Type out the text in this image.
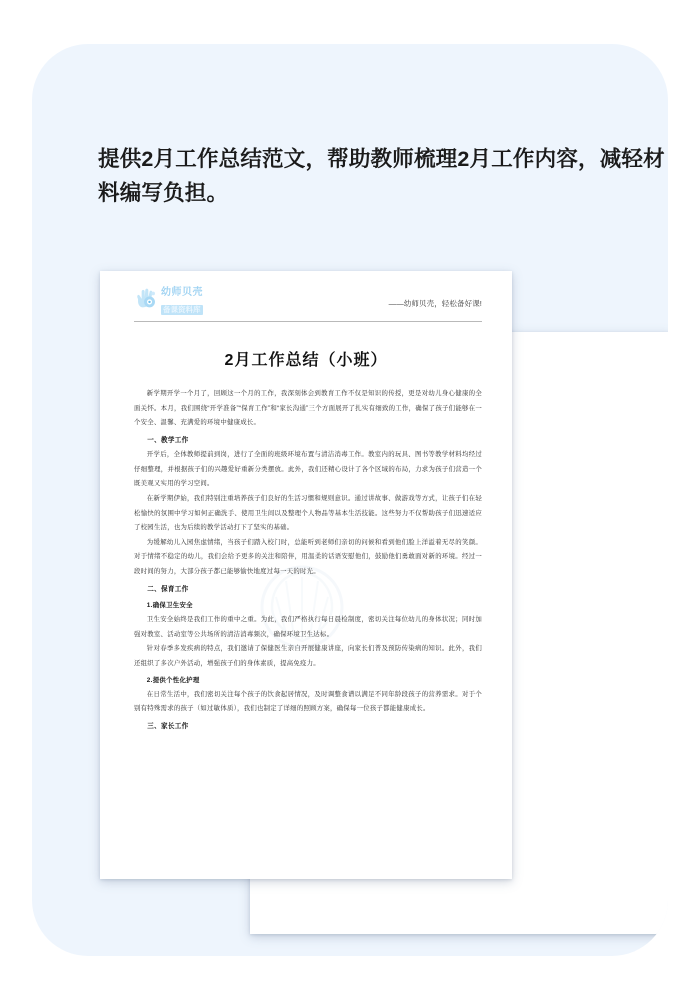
提供2月工作总结范文，帮助教师梳理2月工作内容，减轻材料编写负担。
幼师贝壳
备课资料库
——幼师贝壳，轻松备好课!
2月工作总结（小班）
新学期开学一个月了，回顾这一个月的工作，我深刻体会到教育工作不仅是知识的传授，更是对幼儿身心健康的全面关怀。本月，我们围绕“开学准备”“保育工作”和“家长沟通”三个方面展开了扎实有细致的工作，确保了孩子们能够在一个安全、温馨、充满爱的环境中健康成长。
一、教学工作
开学后，全体教师提前到岗，进行了全面的班级环境布置与清洁消毒工作。教室内的玩具、图书等教学材料均经过仔细整理，并根据孩子们的兴趣爱好重新分类摆放。此外，我们还精心设计了各个区域的布局，力求为孩子们营造一个既美观又实用的学习空间。
在新学期伊始，我们特别注重培养孩子们良好的生活习惯和规则意识。通过讲故事、做游戏等方式，让孩子们在轻松愉快的氛围中学习如何正确洗手、使用卫生间以及整理个人物品等基本生活技能。这些努力不仅帮助孩子们迅速适应了校园生活，也为后续的教学活动打下了坚实的基础。
为缓解幼儿入园焦虑情绪，当孩子们踏入校门时，总能听到老师们亲切的问候和看到他们脸上洋溢着无尽的笑颜。对于情绪不稳定的幼儿，我们会给予更多的关注和陪伴，用温柔的话语安慰他们，鼓励他们勇敢面对新的环境。经过一段时间的努力，大部分孩子都已能够愉快地度过每一天的时光。
二、保育工作
1.确保卫生安全
卫生安全始终是我们工作的重中之重。为此，我们严格执行每日晨检制度，密切关注每位幼儿的身体状况；同时加强对教室、活动室等公共场所的清洁消毒频次，确保环境卫生达标。
针对春季多发疾病的特点，我们邀请了保健医生亲自开展健康讲座，向家长们普及预防传染病的知识。此外，我们还组织了多次户外活动，增强孩子们的身体素质，提高免疫力。
2.提供个性化护理
在日常生活中，我们密切关注每个孩子的饮食起居情况，及时调整食谱以满足不同年龄段孩子的营养需求。对于个别有特殊需求的孩子（如过敏体质），我们也制定了详细的照顾方案，确保每一位孩子都能健康成长。
三、家长工作
